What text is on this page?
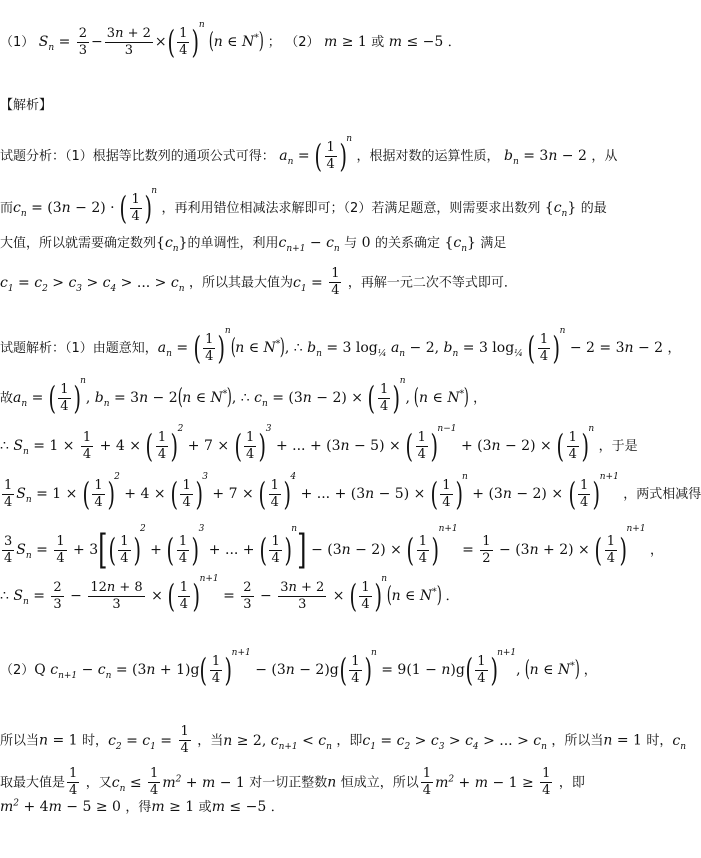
（1） $S_n = \frac{2}{3} - \frac{3n + 2}{3}$ ×( $\frac{1}{4} )n$ (n ∈ N*) ； （2） m ≥ 1 或 m ≤ −5 ．
【解析】
试题分析：（1）根据等比数列的通项公式可得： $a_n$ = ( $\frac{1}{4} )n$ ，根据对数的运算性质， $b_n = 3n - 2$ ，从
而$c_n = (3n - 2)$ · ( $\frac{1}{4} )n$ ，再利用错位相减法求解即可；（2）若满足题意，则需要求出数列 $\{c_n\}$ 的最
大值，所以就需要确定数列$\{c_n\}$的单调性，利用$c_{n+1} - c_n$ 与 0 的关系确定 $\{c_n\}$ 满足
$c_1 = c_2 > c_3 > c_4$ > ... > $c_n$ ，所以其最大值为$c_1 = \frac{1}{4}$ ，再解一元二次不等式即可．
试题解析：（1）由题意知，$a_n$ = ( $\frac{1}{4} )n(n$ ∈ N*), ∴ $b_n = 3$ $\log_{\frac{1}{4}} a_n - 2$, $b_n = 3$ $\log_{\frac{1}{4}}$ ( $\frac{1}{4} )n - 2 = 3n - 2$ ，
故$a_n$ = ( $\frac{1}{4} )n$, $b_n = 3n - 2(n$ ∈ N*), ∴ $c_n = (3n - 2)$ × ( $\frac{1}{4} )n$, (n ∈ N*) ，
∴ $S_n = 1 \times \frac{1}{4} + 4$ × ( $\frac{1}{4} )2 + 7$ × ( $\frac{1}{4} )3$ + ... + (3n − 5) × ( $\frac{1}{4} )n-1 + (3n - 2)$ × ( $\frac{1}{4} )n$ ，于是
$\frac{1}{4} S_n = 1$ × ( $\frac{1}{4} )2 + 4$ × ( $\frac{1}{4} )3 + 7$ × ( $\frac{1}{4} )4$ + ... + (3n − 5) × ( $\frac{1}{4} )n + (3n - 2)$ × ( $\frac{1}{4} )n+1$ ，两式相减得
$\frac{3}{4} S_n = \frac{1}{4} + 3[( \frac{1}{4} )2$ + ( $\frac{1}{4} )3$ + ... + ( $\frac{1}{4} )n] - (3n - 2)$ × ( $\frac{1}{4} )n+1 = \frac{1}{2} - (3n + 2)$ × ( $\frac{1}{4} )n+1$ ，
∴ $S_n = \frac{2}{3} - \frac{12n + 8}{3}$ × ( $\frac{1}{4} )n+1 = \frac{2}{3} - \frac{3n + 2}{3}$ × ( $\frac{1}{4} )n(n$ ∈ N*) ．
（2）Q $c_{n+1} - c_n = (3n + 1)g( \frac{1}{4} )n+1 - (3n - 2)g( \frac{1}{4} )n = 9(1 - n)g( \frac{1}{4} )n+1$, (n ∈ N*) ，
所以当n = 1 时，$c_2 = c_1 = \frac{1}{4}$ ，当n ≥ 2, $c_{n+1} < c_n$ ，即$c_1 = c_2 > c_3 > c_4$ > ... > $c_n$ ，所以当n = 1 时，$c_n$
取最大值是 $\frac{1}{4}$ ，又$c_n \le \frac{1}{4} m^2 + m - 1$ 对一切正整数n 恒成立，所以 $\frac{1}{4} m^2 + m - 1 \ge \frac{1}{4}$ ，即
$m^2 + 4m - 5 \ge 0$ ，得m ≥ 1 或m ≤ −5 ．
